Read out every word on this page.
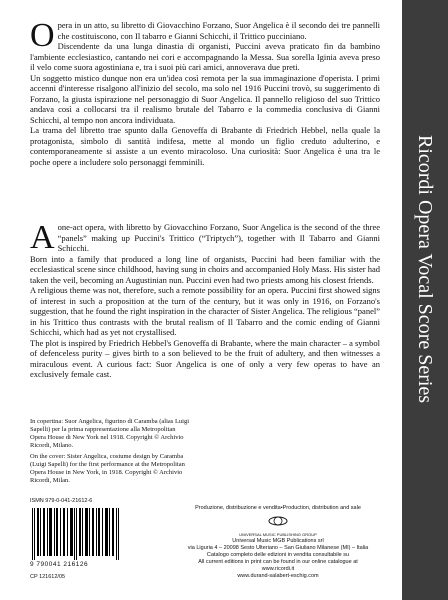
O pera in un atto, su libretto di Giovacchino Forzano, Suor Angelica è il secondo dei tre pannelli che costituiscono, con Il tabarro e Gianni Schicchi, il Trittico pucciniano.

Discendente da una lunga dinastia di organisti, Puccini aveva praticato fin da bambino l'ambiente ecclesiastico, cantando nei cori e accompagnando la Messa. Sua sorella Iginia aveva preso il velo come suora agostiniana e, tra i suoi più cari amici, annoverava due preti.

Un soggetto mistico dunque non era un'idea così remota per la sua immaginazione d'operista. I primi accenni d'interesse risalgono all'inizio del secolo, ma solo nel 1916 Puccini trovò, su suggerimento di Forzano, la giusta ispirazione nel personaggio di Suor Angelica. Il pannello religioso del suo Trittico andava così a collocarsi tra il realismo brutale del Tabarro e la commedia conclusiva di Gianni Schicchi, al tempo non ancora individuata.

La trama del libretto trae spunto dalla Genoveffa di Brabante di Friedrich Hebbel, nella quale la protagonista, simbolo di santità indifesa, mette al mondo un figlio creduto adulterino, e contemporaneamente si assiste a un evento miracoloso. Una curiosità: Suor Angelica è una tra le poche opere a includere solo personaggi femminili.

A one-act opera, with libretto by Giovacchino Forzano, Suor Angelica is the second of the three “panels” making up Puccini's Trittico (“Triptych”), together with Il Tabarro and Gianni Schicchi.

Born into a family that produced a long line of organists, Puccini had been familiar with the ecclesiastical scene since childhood, having sung in choirs and accompanied Holy Mass. His sister had taken the veil, becoming an Augustinian nun. Puccini even had two priests among his closest friends.

A religious theme was not, therefore, such a remote possibility for an opera. Puccini first showed signs of interest in such a proposition at the turn of the century, but it was only in 1916, on Forzano's suggestion, that he found the right inspiration in the character of Sister Angelica. The religious “panel” in his Trittico thus contrasts with the brutal realism of Il Tabarro and the comic ending of Gianni Schicchi, which had as yet not crystallised.

The plot is inspired by Friedrich Hebbel's Genoveffa di Brabante, where the main character – a symbol of defenceless purity – gives birth to a son believed to be the fruit of adultery, and then witnesses a miraculous event. A curious fact: Suor Angelica is one of only a very few operas to have an exclusively female cast.

In copertina: Suor Angelica, figurino di Caramba (alias Luigi Sapelli) per la prima rappresentazione alla Metropolitan Opera House di New York nel 1918. Copyright © Archivio Ricordi, Milano.

On the cover: Sister Angelica, costume design by Caramba (Luigi Sapelli) for the first performance at the Metropolitan Opera House in New York, in 1918. Copyright © Archivio Ricordi, Milan.

ISMN 979-0-041-21612-6
9 790041 216126
CP 121612/05
Produzione, distribuzione e vendita•Production, distribution and sale
UNIVERSAL MUSIC PUBLISHING GROUP
Universal Music MGB Publications srl
via Liguria 4 – 20098 Sesto Ulteriano – San Giuliano Milanese (MI) – Italia
Catalogo completo delle edizioni in vendita consultabile su
All current editions in print can be found in our online catalogue at
www.ricordi.it
www.durand-salabert-eschig.com
Ricordi Opera Vocal Score Series
